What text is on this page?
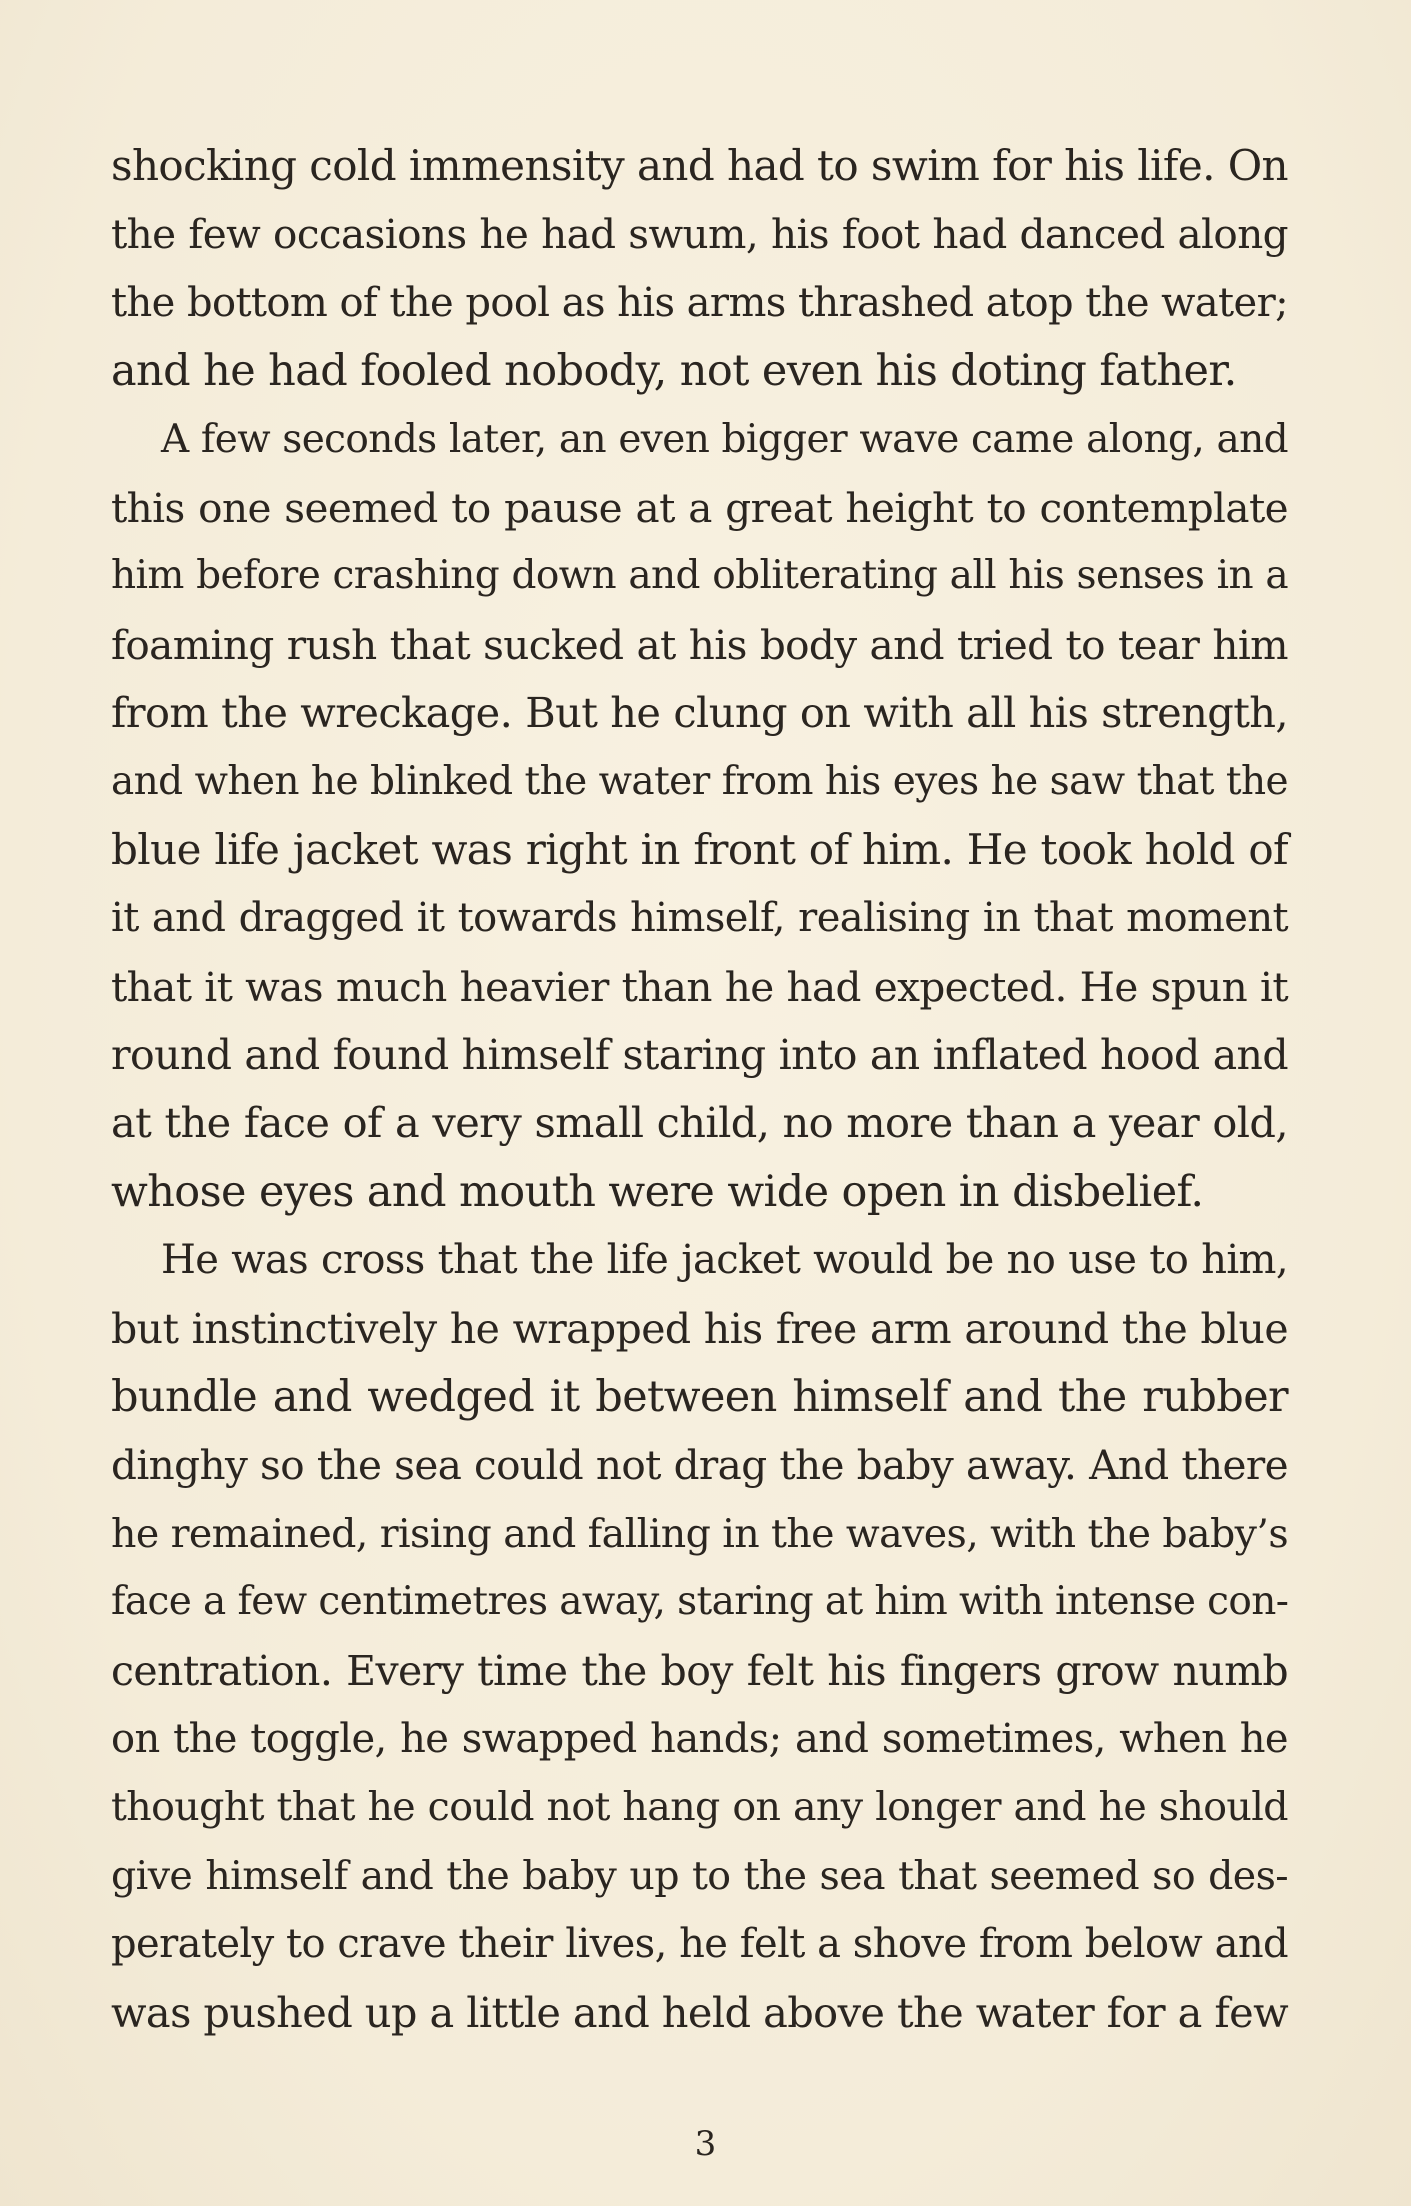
shocking cold immensity and had to swim for his life. On
the few occasions he had swum, his foot had danced along
the bottom of the pool as his arms thrashed atop the water;
and he had fooled nobody, not even his doting father.
A few seconds later, an even bigger wave came along, and
this one seemed to pause at a great height to contemplate
him before crashing down and obliterating all his senses in a
foaming rush that sucked at his body and tried to tear him
from the wreckage. But he clung on with all his strength,
and when he blinked the water from his eyes he saw that the
blue life jacket was right in front of him. He took hold of
it and dragged it towards himself, realising in that moment
that it was much heavier than he had expected. He spun it
round and found himself staring into an inflated hood and
at the face of a very small child, no more than a year old,
whose eyes and mouth were wide open in disbelief.
He was cross that the life jacket would be no use to him,
but instinctively he wrapped his free arm around the blue
bundle and wedged it between himself and the rubber
dinghy so the sea could not drag the baby away. And there
he remained, rising and falling in the waves, with the baby’s
face a few centimetres away, staring at him with intense con-
centration. Every time the boy felt his fingers grow numb
on the toggle, he swapped hands; and sometimes, when he
thought that he could not hang on any longer and he should
give himself and the baby up to the sea that seemed so des-
perately to crave their lives, he felt a shove from below and
was pushed up a little and held above the water for a few
3
